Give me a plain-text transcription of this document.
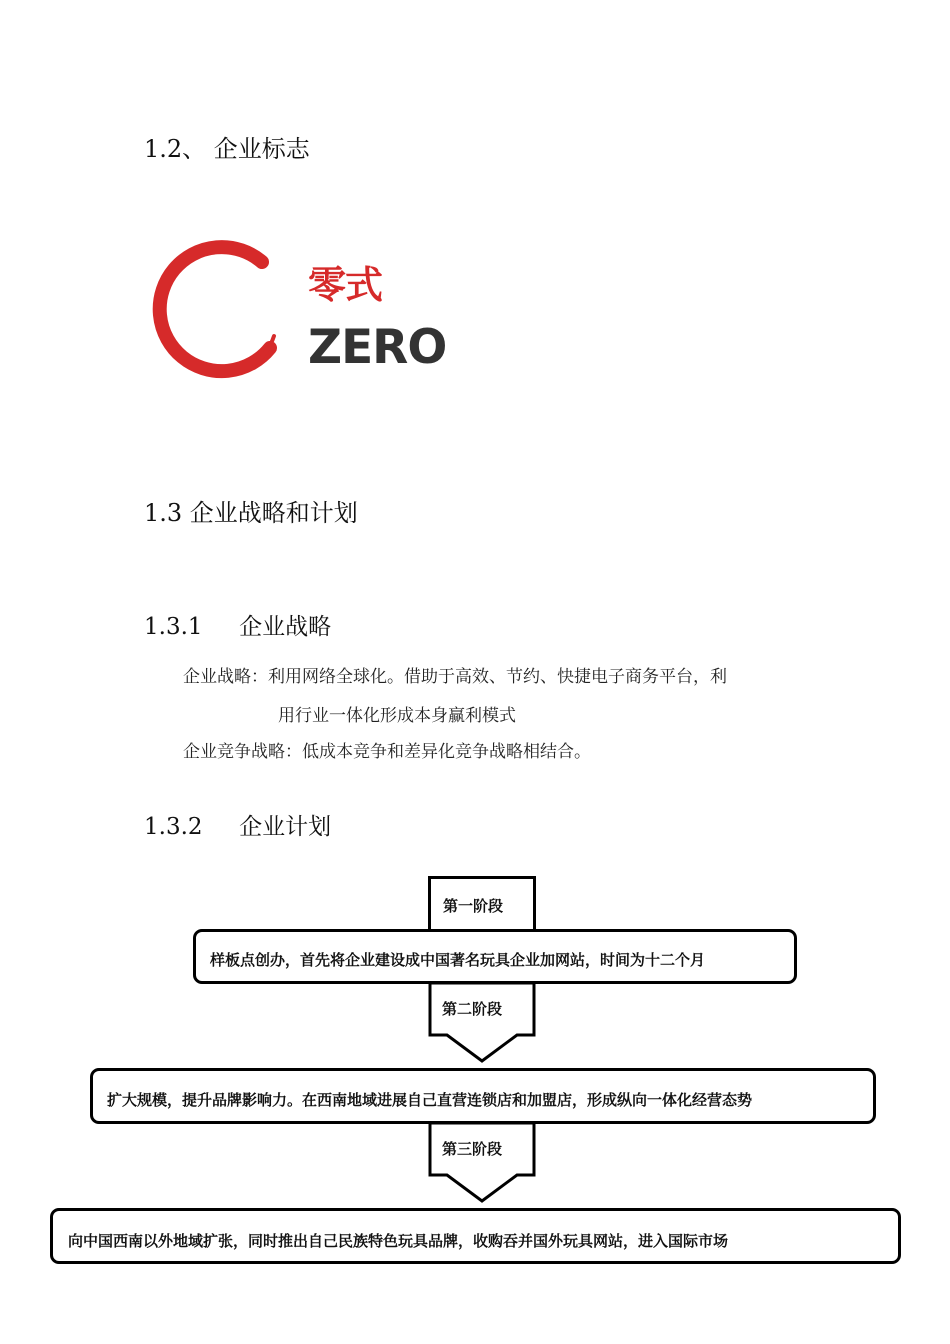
1.2、 企业标志
零式
ZERO
1.3 企业战略和计划
1.3.1 企业战略
企业战略：利用网络全球化。借助于高效、节约、快捷电子商务平台，利
用行业一体化形成本身赢利模式
企业竞争战略：低成本竞争和差异化竞争战略相结合。
1.3.2 企业计划
第一阶段
样板点创办，首先将企业建设成中国著名玩具企业加网站，时间为十二个月
第二阶段
扩大规模，提升品牌影响力。在西南地域进展自己直营连锁店和加盟店，形成纵向一体化经营态势
第三阶段
向中国西南以外地域扩张，同时推出自己民族特色玩具品牌，收购吞并国外玩具网站，进入国际市场
